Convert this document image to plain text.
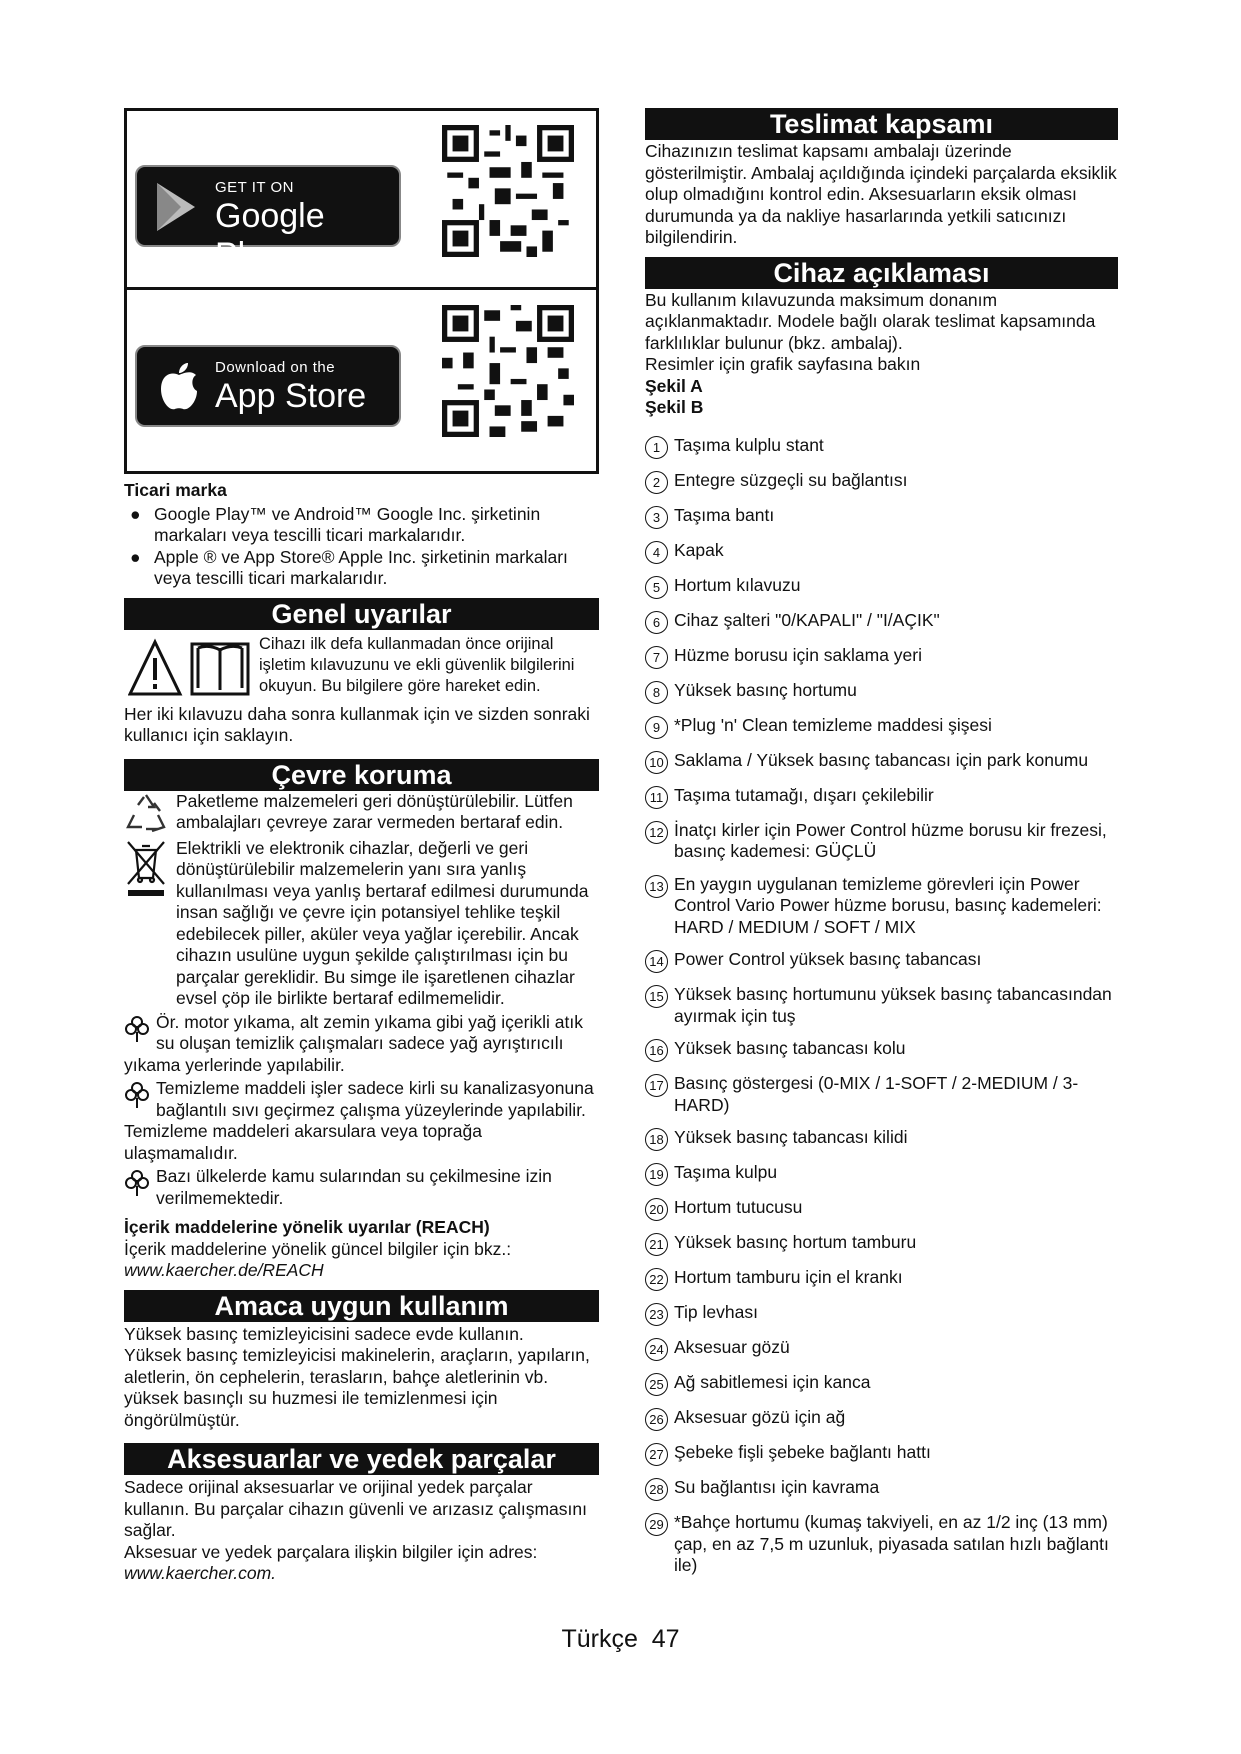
GET IT ON
Google Play
Download on the
App Store

Ticari marka

● Google Play™ ve Android™ Google Inc. şirketinin markaları veya tescilli ticari markalarıdır.
● Apple ® ve App Store® Apple Inc. şirketinin markaları veya tescilli ticari markalarıdır.
Genel uyarılar

Cihazı ilk defa kullanmadan önce orijinal işletim kılavuzunu ve ekli güvenlik bilgilerini okuyun. Bu bilgilere göre hareket edin.

Her iki kılavuzu daha sonra kullanmak için ve sizden sonraki kullanıcı için saklayın.

Çevre koruma

Paketleme malzemeleri geri dönüştürülebilir. Lütfen ambalajları çevreye zarar vermeden bertaraf edin.

Elektrikli ve elektronik cihazlar, değerli ve geri dönüştürülebilir malzemelerin yanı sıra yanlış kullanılması veya yanlış bertaraf edilmesi durumunda insan sağlığı ve çevre için potansiyel tehlike teşkil edebilecek piller, aküler veya yağlar içerebilir. Ancak cihazın usulüne uygun şekilde çalıştırılması için bu parçalar gereklidir. Bu simge ile işaretlenen cihazlar evsel çöp ile birlikte bertaraf edilmemelidir.

Ör. motor yıkama, alt zemin yıkama gibi yağ içerikli atık su oluşan temizlik çalışmaları sadece yağ ayrıştırıcılı yıkama yerlerinde yapılabilir.

Temizleme maddeli işler sadece kirli su kanalizasyonuna bağlantılı sıvı geçirmez çalışma yüzeylerinde yapılabilir. Temizleme maddeleri akarsulara veya toprağa ulaşmamalıdır.

Bazı ülkelerde kamu sularından su çekilmesine izin verilmemektedir.

İçerik maddelerine yönelik uyarılar (REACH)

İçerik maddelerine yönelik güncel bilgiler için bkz.:

www.kaercher.de/REACH

Amaca uygun kullanım

Yüksek basınç temizleyicisini sadece evde kullanın.

Yüksek basınç temizleyicisi makinelerin, araçların, yapıların, aletlerin, ön cephelerin, terasların, bahçe aletlerinin vb. yüksek basınçlı su huzmesi ile temizlenmesi için öngörülmüştür.

Aksesuarlar ve yedek parçalar

Sadece orijinal aksesuarlar ve orijinal yedek parçalar kullanın. Bu parçalar cihazın güvenli ve arızasız çalışmasını sağlar.

Aksesuar ve yedek parçalara ilişkin bilgiler için adres:

www.kaercher.com.

Teslimat kapsamı

Cihazınızın teslimat kapsamı ambalajı üzerinde gösterilmiştir. Ambalaj açıldığında içindeki parçalarda eksiklik olup olmadığını kontrol edin. Aksesuarların eksik olması durumunda ya da nakliye hasarlarında yetkili satıcınızı bilgilendirin.

Cihaz açıklaması

Bu kullanım kılavuzunda maksimum donanım açıklanmaktadır. Modele bağlı olarak teslimat kapsamında farklılıklar bulunur (bkz. ambalaj).

Resimler için grafik sayfasına bakın

Şekil A

Şekil B

1 Taşıma kulplu stant
2 Entegre süzgeçli su bağlantısı
3 Taşıma bantı
4 Kapak
5 Hortum kılavuzu
6 Cihaz şalteri "0/KAPALI" / "I/AÇIK"
7 Hüzme borusu için saklama yeri
8 Yüksek basınç hortumu
9 *Plug 'n' Clean temizleme maddesi şişesi
10 Saklama / Yüksek basınç tabancası için park konumu
11 Taşıma tutamağı, dışarı çekilebilir
12 İnatçı kirler için Power Control hüzme borusu kir frezesi, basınç kademesi: GÜÇLÜ
13 En yaygın uygulanan temizleme görevleri için Power Control Vario Power hüzme borusu, basınç kademeleri: HARD / MEDIUM / SOFT / MIX
14 Power Control yüksek basınç tabancası
15 Yüksek basınç hortumunu yüksek basınç tabancasından ayırmak için tuş
16 Yüksek basınç tabancası kolu
17 Basınç göstergesi (0-MIX / 1-SOFT / 2-MEDIUM / 3-HARD)
18 Yüksek basınç tabancası kilidi
19 Taşıma kulpu
20 Hortum tutucusu
21 Yüksek basınç hortum tamburu
22 Hortum tamburu için el krankı
23 Tip levhası
24 Aksesuar gözü
25 Ağ sabitlemesi için kanca
26 Aksesuar gözü için ağ
27 Şebeke fişli şebeke bağlantı hattı
28 Su bağlantısı için kavrama
29 *Bahçe hortumu (kumaş takviyeli, en az 1/2 inç (13 mm) çap, en az 7,5 m uzunluk, piyasada satılan hızlı bağlantı ile)
Türkçe 47
